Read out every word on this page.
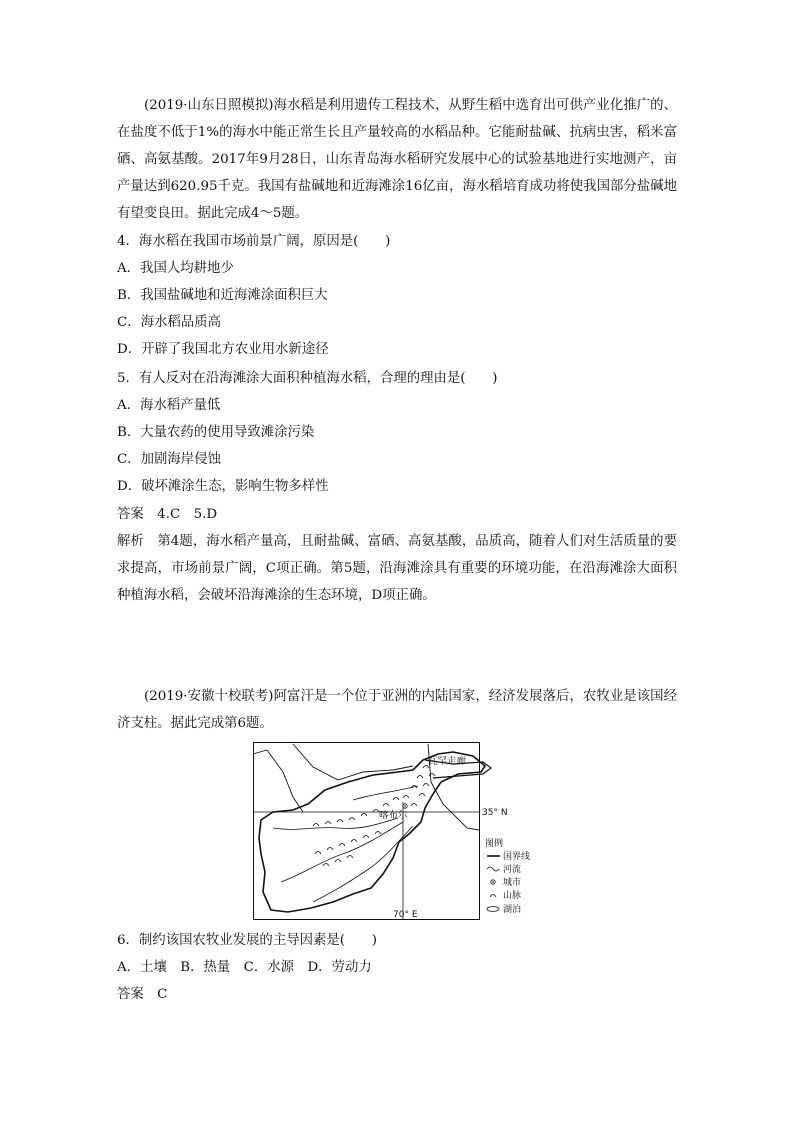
(2019·山东日照模拟)海水稻是利用遗传工程技术，从野生稻中选育出可供产业化推广的、在盐度不低于1%的海水中能正常生长且产量较高的水稻品种。它能耐盐碱、抗病虫害，稻米富硒、高氨基酸。2017年9月28日，山东青岛海水稻研究发展中心的试验基地进行实地测产，亩产量达到620.95千克。我国有盐碱地和近海滩涂16亿亩，海水稻培育成功将使我国部分盐碱地有望变良田。据此完成4～5题。

4．海水稻在我国市场前景广阔，原因是(　　)

A．我国人均耕地少

B．我国盐碱地和近海滩涂面积巨大

C．海水稻品质高

D．开辟了我国北方农业用水新途径

5．有人反对在沿海滩涂大面积种植海水稻，合理的理由是(　　)

A．海水稻产量低

B．大量农药的使用导致滩涂污染

C．加剧海岸侵蚀

D．破坏滩涂生态，影响生物多样性

答案　4.C　5.D

解析　第4题，海水稻产量高，且耐盐碱、富硒、高氨基酸，品质高，随着人们对生活质量的要求提高，市场前景广阔，C项正确。第5题，沿海滩涂具有重要的环境功能，在沿海滩涂大面积种植海水稻，会破坏沿海滩涂的生态环境，D项正确。

(2019·安徽十校联考)阿富汗是一个位于亚洲的内陆国家，经济发展落后，农牧业是该国经济支柱。据此完成第6题。

瓦罕走廊
喀布尔	35° N
70° E
图例
国界线
河流
城市
山脉
湖泊

6．制约该国农牧业发展的主导因素是(　　)

A．土壤　B．热量　C．水源　D．劳动力

答案　C
